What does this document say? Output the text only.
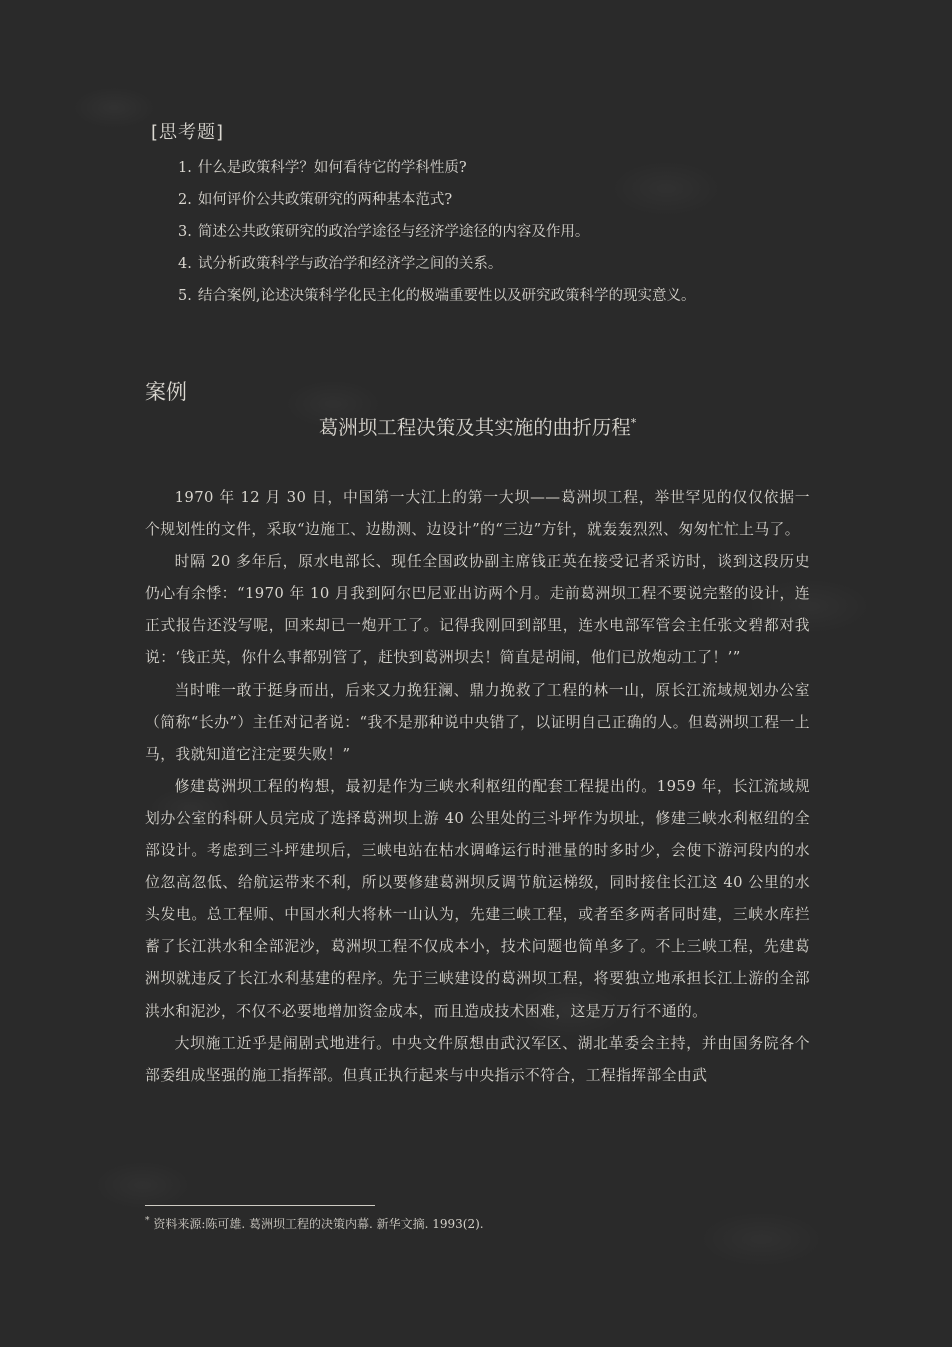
[思考题]
1. 什么是政策科学？如何看待它的学科性质?
2. 如何评价公共政策研究的两种基本范式?
3. 简述公共政策研究的政治学途径与经济学途径的内容及作用。
4. 试分析政策科学与政治学和经济学之间的关系。
5. 结合案例,论述决策科学化民主化的极端重要性以及研究政策科学的现实意义。
案例
葛洲坝工程决策及其实施的曲折历程*

1970 年 12 月 30 日，中国第一大江上的第一大坝——葛洲坝工程，举世罕见的仅仅依据一个规划性的文件，采取“边施工、边勘测、边设计”的“三边”方针，就轰轰烈烈、匆匆忙忙上马了。

时隔 20 多年后，原水电部长、现任全国政协副主席钱正英在接受记者采访时，谈到这段历史仍心有余悸：“1970 年 10 月我到阿尔巴尼亚出访两个月。走前葛洲坝工程不要说完整的设计，连正式报告还没写呢，回来却已一炮开工了。记得我刚回到部里，连水电部军管会主任张文碧都对我说：‘钱正英，你什么事都别管了，赶快到葛洲坝去！简直是胡闹，他们已放炮动工了！’”

当时唯一敢于挺身而出，后来又力挽狂澜、鼎力挽救了工程的林一山，原长江流域规划办公室（简称“长办”）主任对记者说：“我不是那种说中央错了，以证明自己正确的人。但葛洲坝工程一上马，我就知道它注定要失败！”

修建葛洲坝工程的构想，最初是作为三峡水利枢纽的配套工程提出的。1959 年，长江流域规划办公室的科研人员完成了选择葛洲坝上游 40 公里处的三斗坪作为坝址，修建三峡水利枢纽的全部设计。考虑到三斗坪建坝后，三峡电站在枯水调峰运行时泄量的时多时少，会使下游河段内的水位忽高忽低、给航运带来不利，所以要修建葛洲坝反调节航运梯级，同时接住长江这 40 公里的水头发电。总工程师、中国水利大将林一山认为，先建三峡工程，或者至多两者同时建，三峡水库拦蓄了长江洪水和全部泥沙，葛洲坝工程不仅成本小，技术问题也简单多了。不上三峡工程，先建葛洲坝就违反了长江水利基建的程序。先于三峡建设的葛洲坝工程，将要独立地承担长江上游的全部洪水和泥沙，不仅不必要地增加资金成本，而且造成技术困难，这是万万行不通的。

大坝施工近乎是闹剧式地进行。中央文件原想由武汉军区、湖北革委会主持，并由国务院各个部委组成坚强的施工指挥部。但真正执行起来与中央指示不符合，工程指挥部全由武

* 资料来源:陈可雄. 葛洲坝工程的决策内幕. 新华文摘. 1993(2).
